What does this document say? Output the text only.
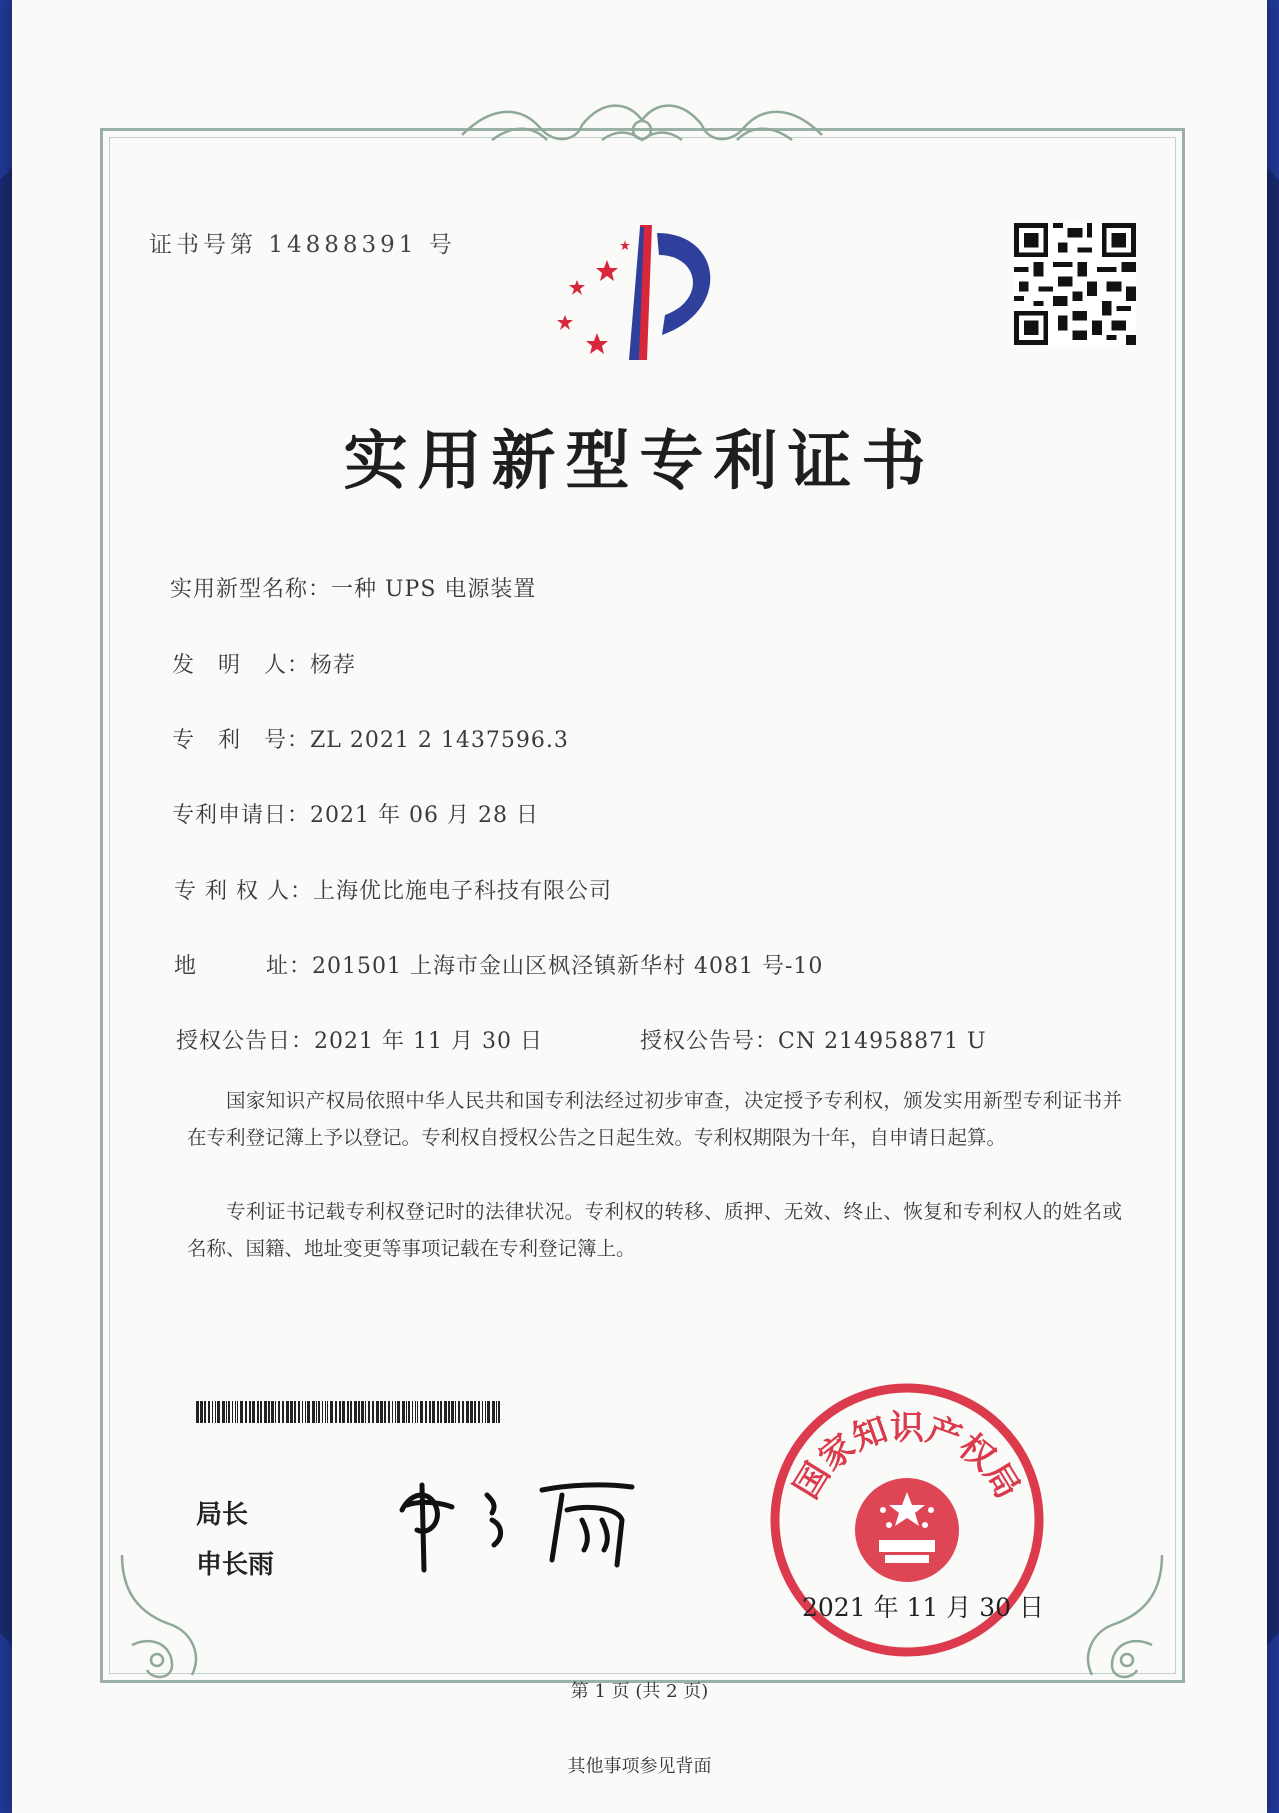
证书号第 14888391 号
实用新型专利证书
实用新型名称：一种 UPS 电源装置
发　明　人：杨荐
专　利　号：ZL 2021 2 1437596.3
专利申请日：2021 年 06 月 28 日
专 利 权 人：上海优比施电子科技有限公司
地　　　址：201501 上海市金山区枫泾镇新华村 4081 号-10
授权公告日：2021 年 11 月 30 日	授权公告号：CN 214958871 U
国家知识产权局依照中华人民共和国专利法经过初步审查，决定授予专利权，颁发实用新型专利证书并在专利登记簿上予以登记。专利权自授权公告之日起生效。专利权期限为十年，自申请日起算。
专利证书记载专利权登记时的法律状况。专利权的转移、质押、无效、终止、恢复和专利权人的姓名或名称、国籍、地址变更等事项记载在专利登记簿上。
局长
申长雨
国家知识产权局
2021 年 11 月 30 日
第 1 页 (共 2 页)
其他事项参见背面
